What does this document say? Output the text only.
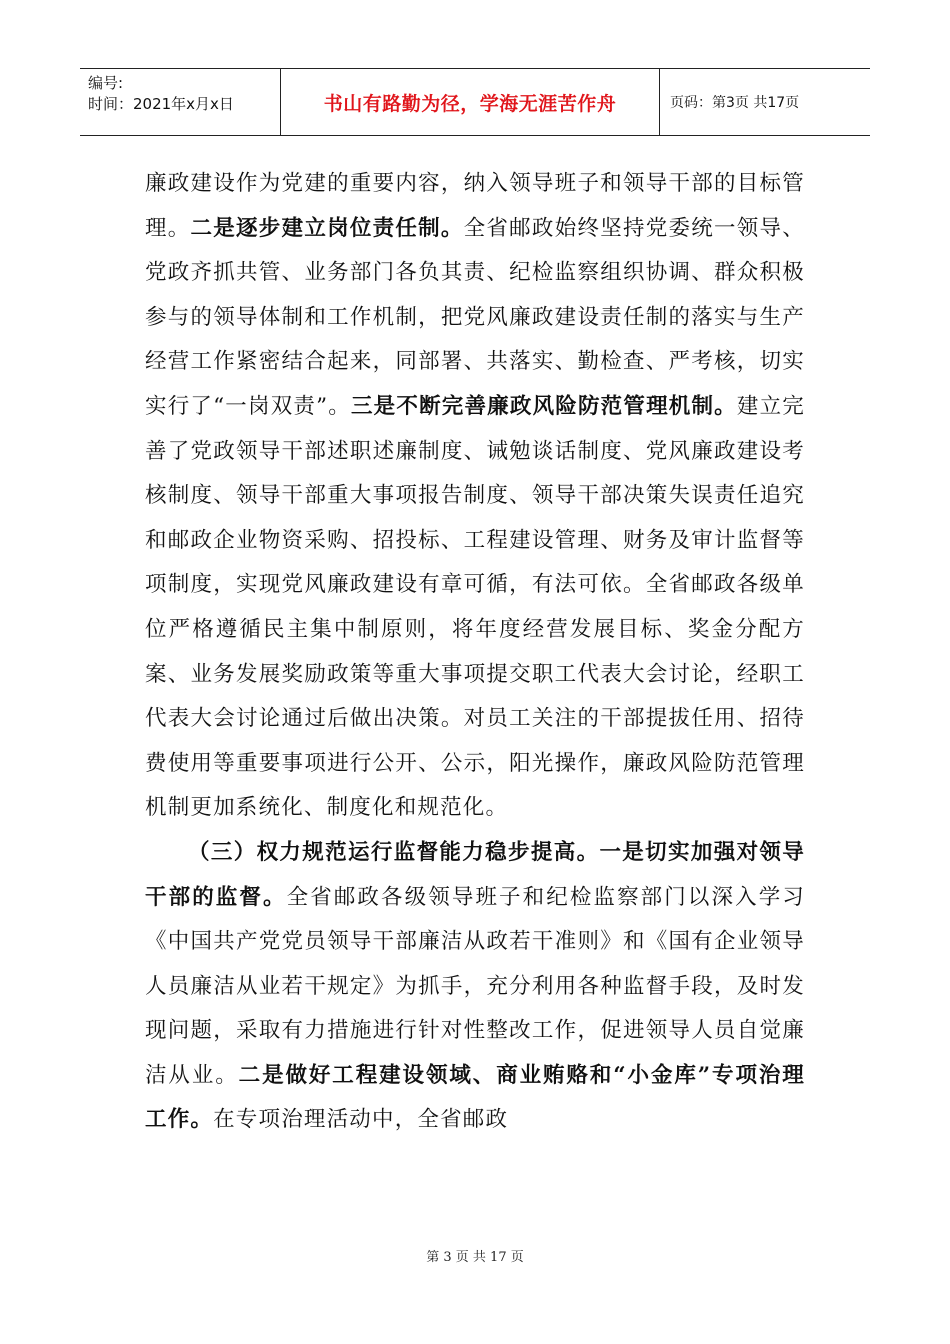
编号:
时间：2021年x月x日	书山有路勤为径，学海无涯苦作舟	页码：第3页 共17页

廉政建设作为党建的重要内容，纳入领导班子和领导干部的目标管理。二是逐步建立岗位责任制。全省邮政始终坚持党委统一领导、党政齐抓共管、业务部门各负其责、纪检监察组织协调、群众积极参与的领导体制和工作机制，把党风廉政建设责任制的落实与生产经营工作紧密结合起来，同部署、共落实、勤检查、严考核，切实实行了“一岗双责”。三是不断完善廉政风险防范管理机制。建立完善了党政领导干部述职述廉制度、诫勉谈话制度、党风廉政建设考核制度、领导干部重大事项报告制度、领导干部决策失误责任追究和邮政企业物资采购、招投标、工程建设管理、财务及审计监督等项制度，实现党风廉政建设有章可循，有法可依。全省邮政各级单位严格遵循民主集中制原则，将年度经营发展目标、奖金分配方案、业务发展奖励政策等重大事项提交职工代表大会讨论，经职工代表大会讨论通过后做出决策。对员工关注的干部提拔任用、招待费使用等重要事项进行公开、公示，阳光操作，廉政风险防范管理机制更加系统化、制度化和规范化。

（三）权力规范运行监督能力稳步提高。一是切实加强对领导干部的监督。全省邮政各级领导班子和纪检监察部门以深入学习《中国共产党党员领导干部廉洁从政若干准则》和《国有企业领导人员廉洁从业若干规定》为抓手，充分利用各种监督手段，及时发现问题，采取有力措施进行针对性整改工作，促进领导人员自觉廉洁从业。二是做好工程建设领域、商业贿赂和“小金库”专项治理工作。在专项治理活动中，全省邮政

第 3 页 共 17 页
